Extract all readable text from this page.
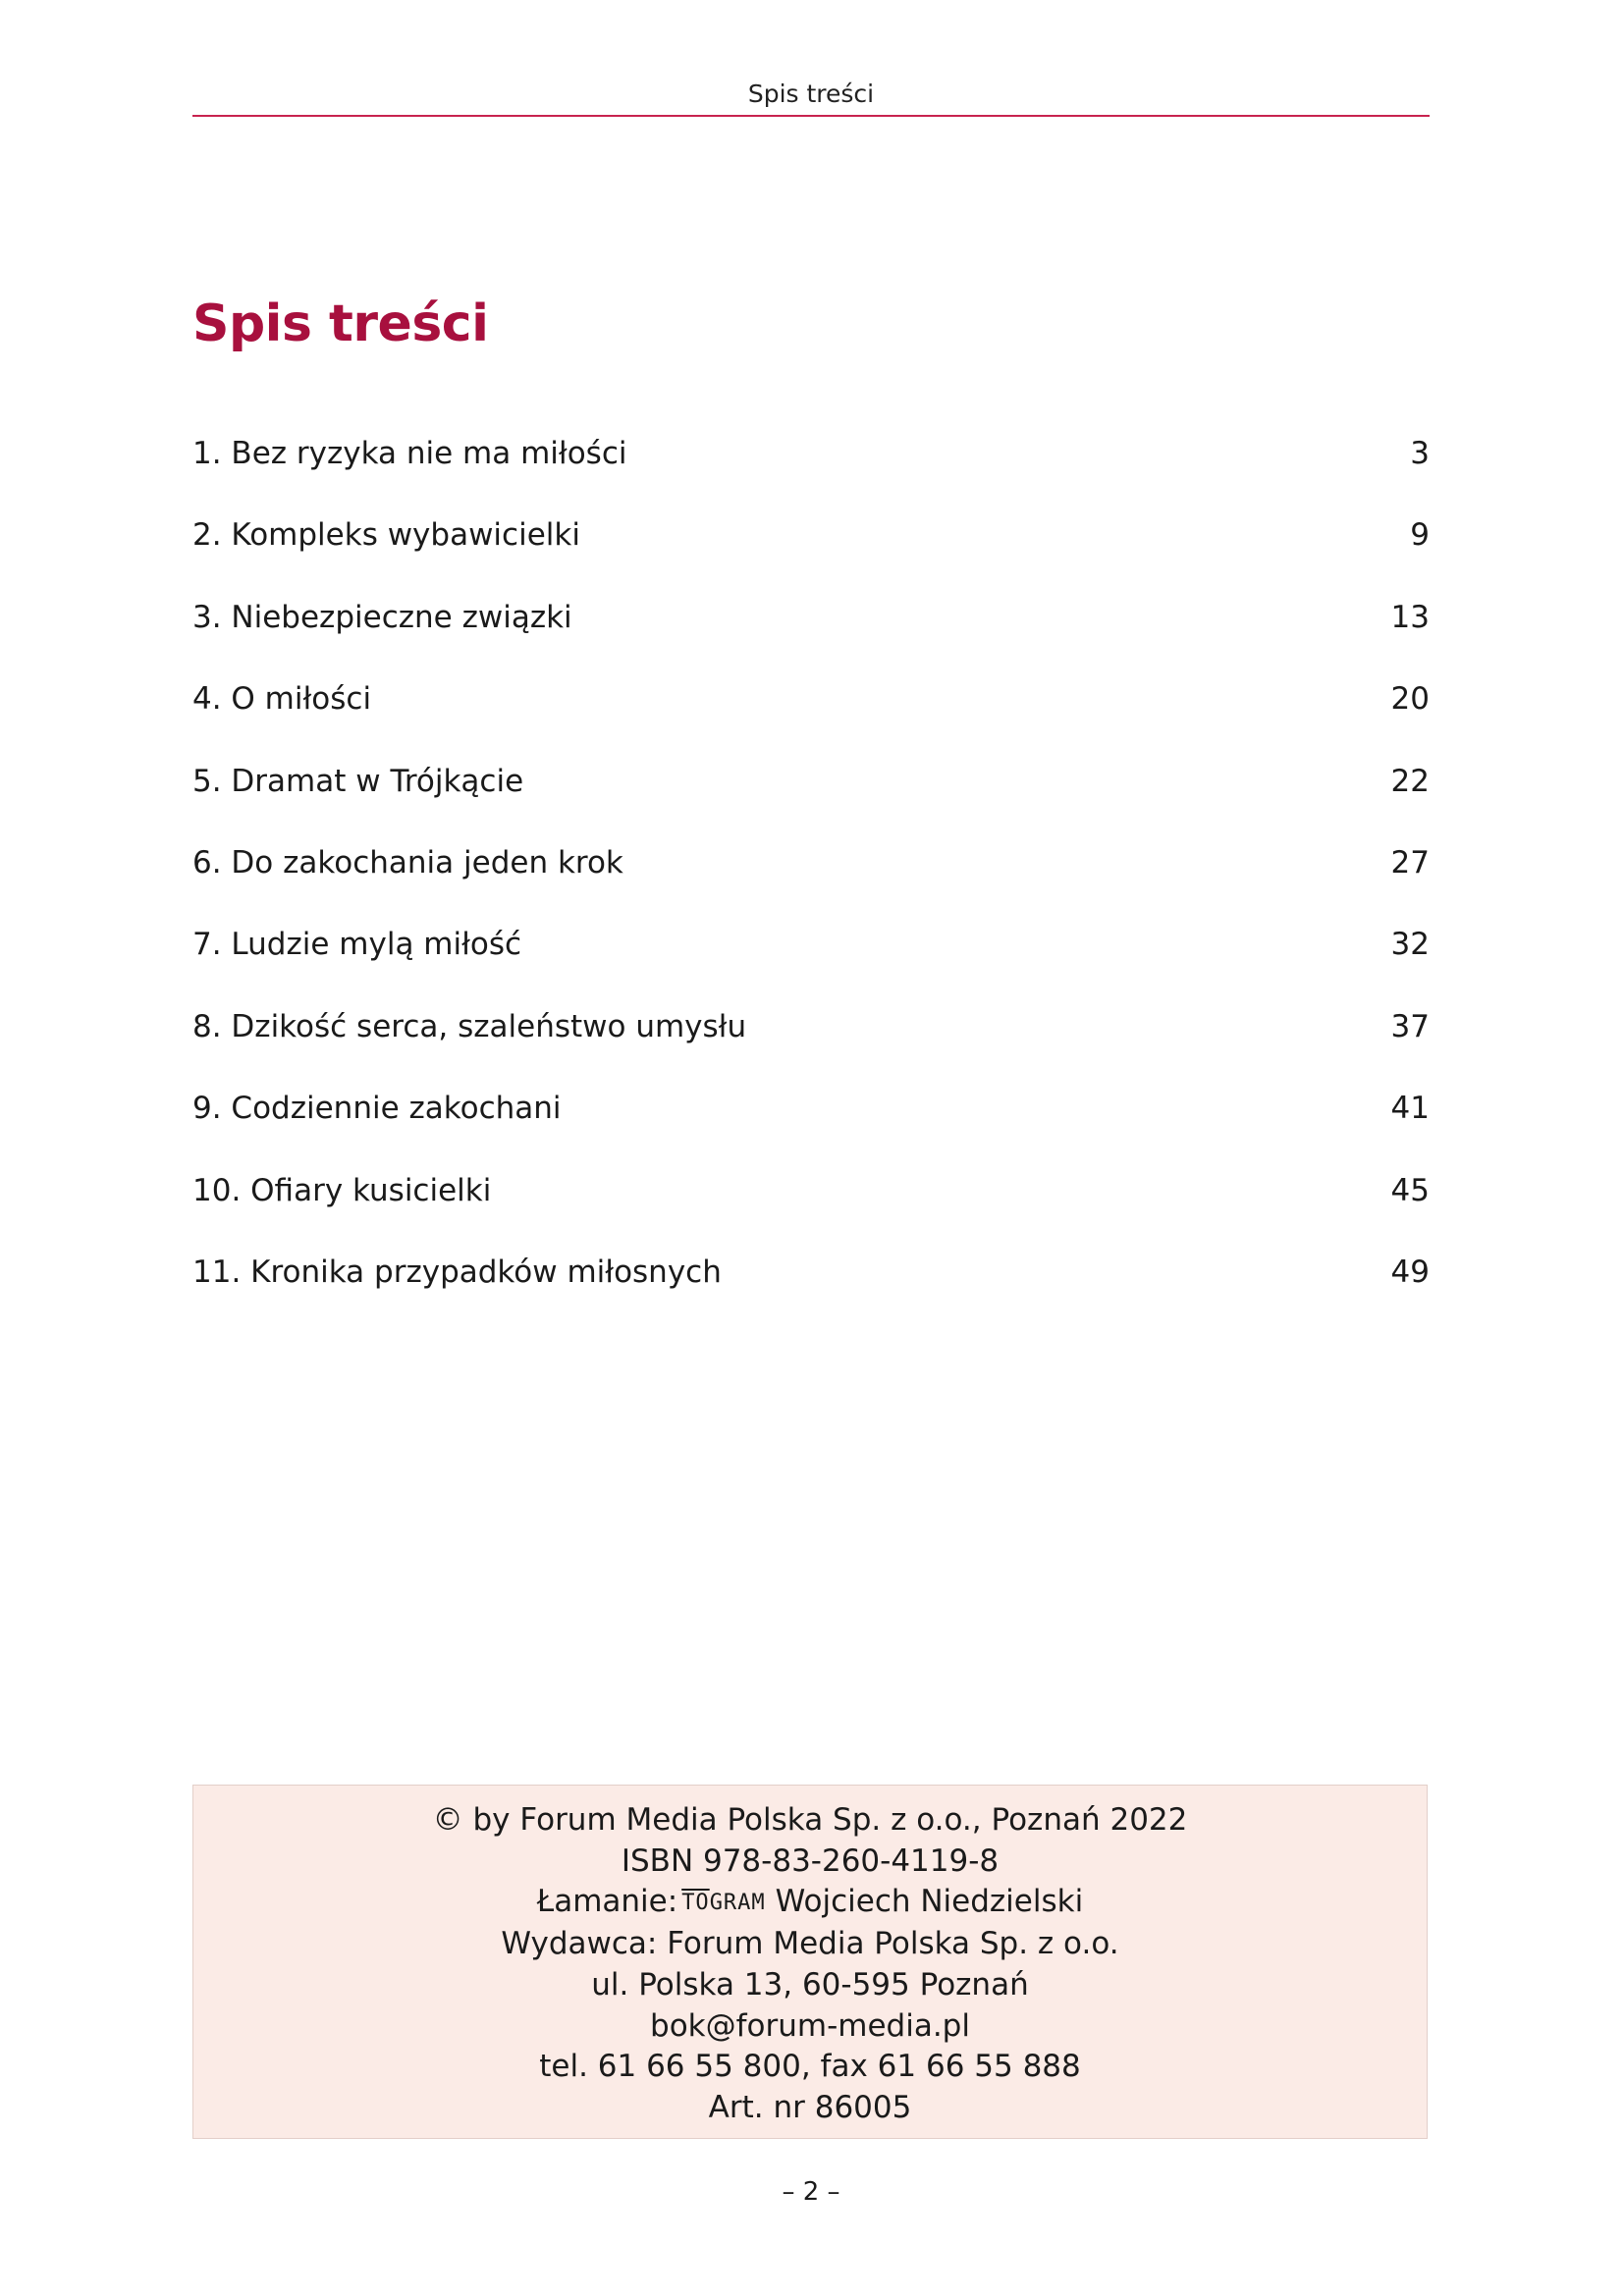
Spis treści
Spis treści
1. Bez ryzyka nie ma miłości	3
2. Kompleks wybawicielki	9
3. Niebezpieczne związki	13
4. O miłości	20
5. Dramat w Trójkącie	22
6. Do zakochania jeden krok	27
7. Ludzie mylą miłość	32
8. Dzikość serca, szaleństwo umysłu	37
9. Codziennie zakochani	41
10. Ofiary kusicielki	45
11. Kronika przypadków miłosnych	49
© by Forum Media Polska Sp. z o.o., Poznań 2022
ISBN 978-83-260-4119-8
Łamanie: $\overline{TO}GRAM$ Wojciech Niedzielski
Wydawca: Forum Media Polska Sp. z o.o.
ul. Polska 13, 60-595 Poznań
bok@forum-media.pl
tel. 61 66 55 800, fax 61 66 55 888
Art. nr 86005
– 2 –
